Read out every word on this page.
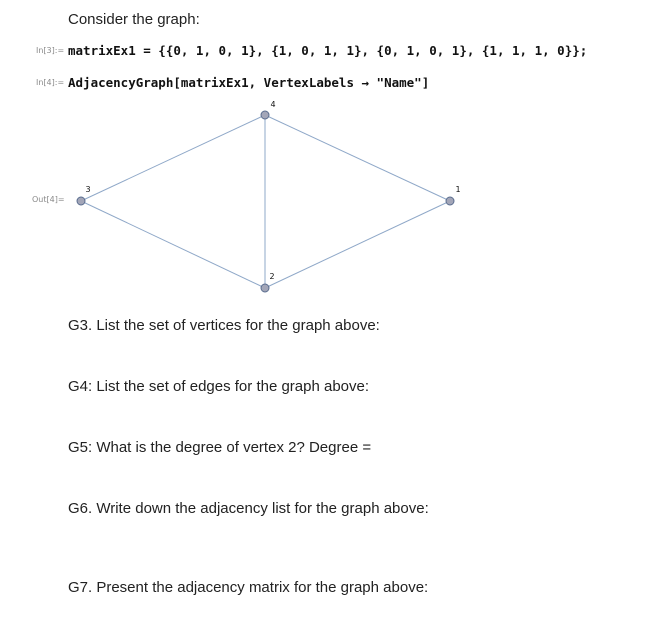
Consider the graph:
In[3]:= matrixEx1 = {{0, 1, 0, 1}, {1, 0, 1, 1}, {0, 1, 0, 1}, {1, 1, 1, 0}};
In[4]:= AdjacencyGraph[matrixEx1, VertexLabels → "Name"]
Out[4]=
1
2
3
4
G3. List the set of vertices for the graph above:
G4: List the set of edges for the graph above:
G5: What is the degree of vertex 2? Degree =
G6. Write down the adjacency list for the graph above:
G7. Present the adjacency matrix for the graph above:
